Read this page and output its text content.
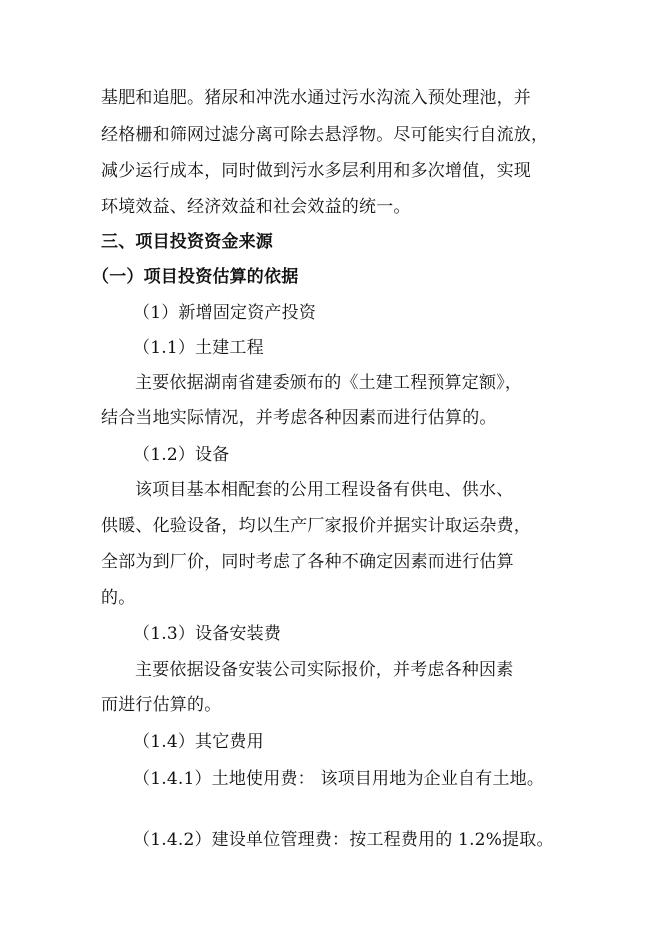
基肥和追肥。猪尿和冲洗水通过污水沟流入预处理池，并
经格栅和筛网过滤分离可除去悬浮物。尽可能实行自流放，
减少运行成本，同时做到污水多层利用和多次增值，实现
环境效益、经济效益和社会效益的统一。
三、项目投资资金来源
（一）项目投资估算的依据
（1）新增固定资产投资
（1.1）土建工程
主要依据湖南省建委颁布的《土建工程预算定额》，
结合当地实际情况，并考虑各种因素而进行估算的。
（1.2）设备
该项目基本相配套的公用工程设备有供电、供水、
供暖、化验设备，均以生产厂家报价并据实计取运杂费，
全部为到厂价，同时考虑了各种不确定因素而进行估算
的。
（1.3）设备安装费
主要依据设备安装公司实际报价，并考虑各种因素
而进行估算的。
（1.4）其它费用
（1.4.1）土地使用费： 该项目用地为企业自有土地。
（1.4.2）建设单位管理费：按工程费用的 1.2%提取。
